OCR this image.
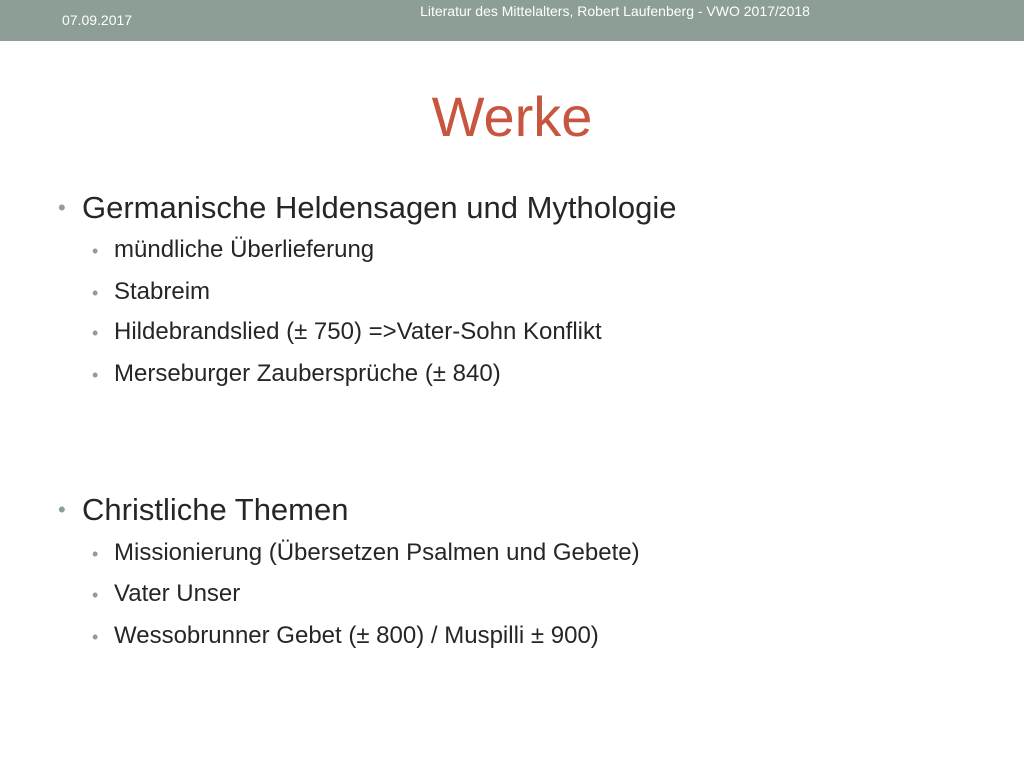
07.09.2017
Literatur des Mittelalters, Robert Laufenberg - VWO 2017/2018
Werke
• Germanische Heldensagen und Mythologie
• mündliche Überlieferung
• Stabreim
• Hildebrandslied (± 750) =>Vater-Sohn Konflikt
• Merseburger Zaubersprüche (± 840)
• Christliche Themen
• Missionierung (Übersetzen Psalmen und Gebete)
• Vater Unser
• Wessobrunner Gebet (± 800) / Muspilli ± 900)
